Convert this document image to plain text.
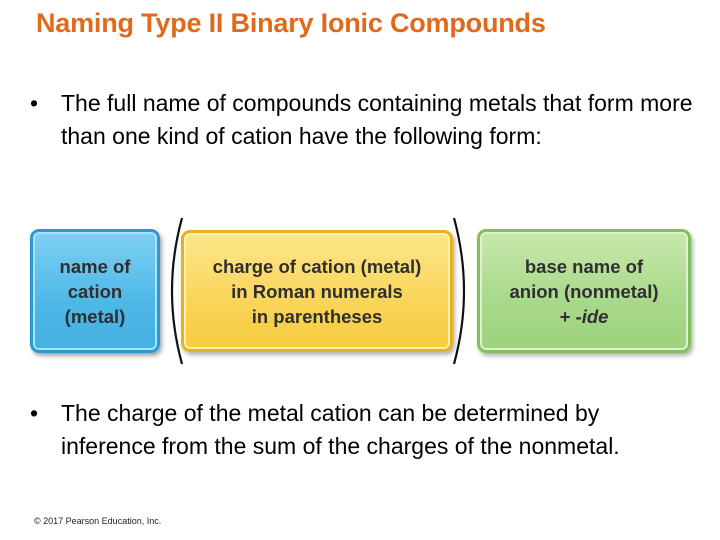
Naming Type II Binary Ionic Compounds
• The full name of compounds containing metals that form more than one kind of cation have the following form:
name of
cation
(metal)
charge of cation (metal)
in Roman numerals
in parentheses
base name of
anion (nonmetal)
+ -ide
• The charge of the metal cation can be determined by inference from the sum of the charges of the nonmetal.
© 2017 Pearson Education, Inc.
